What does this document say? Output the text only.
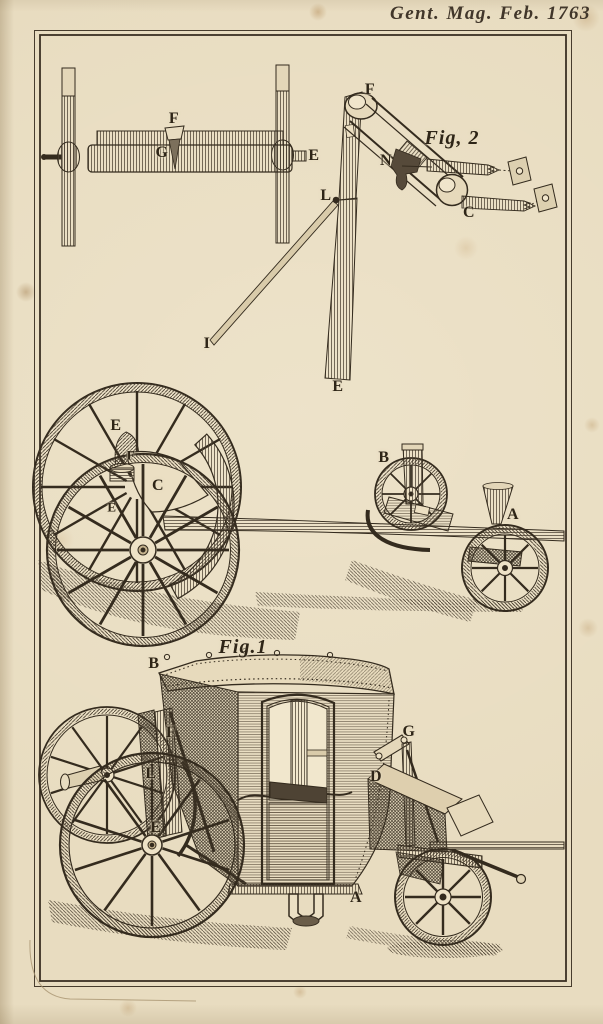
Gent. Mag. Feb. 1763
F
G	E
Fig, 2
F
N
L
C
I
E
E
F
C
E
B
A
Fig.1
B
F
L
E
G
D
A
